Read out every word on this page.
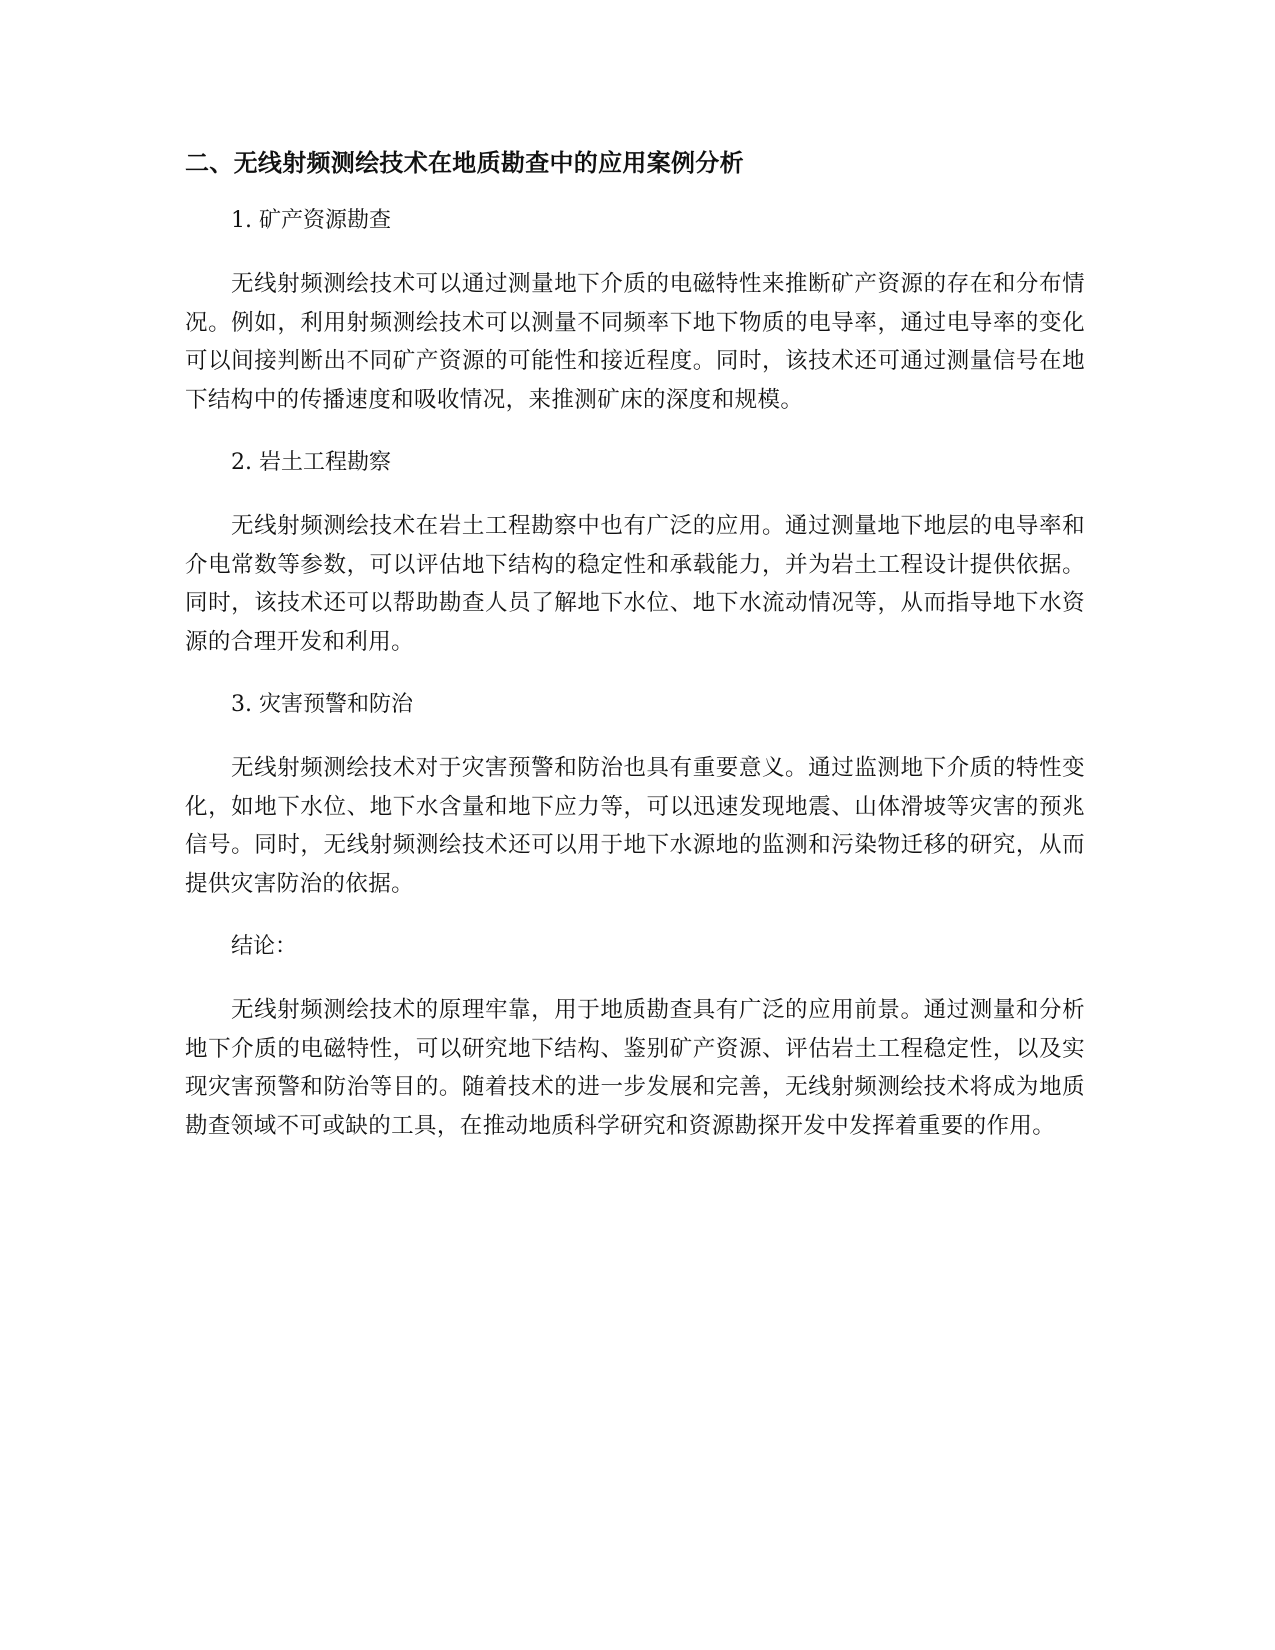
二、无线射频测绘技术在地质勘查中的应用案例分析

1. 矿产资源勘查

无线射频测绘技术可以通过测量地下介质的电磁特性来推断矿产资源的存在和分布情况。例如，利用射频测绘技术可以测量不同频率下地下物质的电导率，通过电导率的变化可以间接判断出不同矿产资源的可能性和接近程度。同时，该技术还可通过测量信号在地下结构中的传播速度和吸收情况，来推测矿床的深度和规模。

2. 岩土工程勘察

无线射频测绘技术在岩土工程勘察中也有广泛的应用。通过测量地下地层的电导率和介电常数等参数，可以评估地下结构的稳定性和承载能力，并为岩土工程设计提供依据。同时，该技术还可以帮助勘查人员了解地下水位、地下水流动情况等，从而指导地下水资源的合理开发和利用。

3. 灾害预警和防治

无线射频测绘技术对于灾害预警和防治也具有重要意义。通过监测地下介质的特性变化，如地下水位、地下水含量和地下应力等，可以迅速发现地震、山体滑坡等灾害的预兆信号。同时，无线射频测绘技术还可以用于地下水源地的监测和污染物迁移的研究，从而提供灾害防治的依据。

结论：

无线射频测绘技术的原理牢靠，用于地质勘查具有广泛的应用前景。通过测量和分析地下介质的电磁特性，可以研究地下结构、鉴别矿产资源、评估岩土工程稳定性，以及实现灾害预警和防治等目的。随着技术的进一步发展和完善，无线射频测绘技术将成为地质勘查领域不可或缺的工具，在推动地质科学研究和资源勘探开发中发挥着重要的作用。
